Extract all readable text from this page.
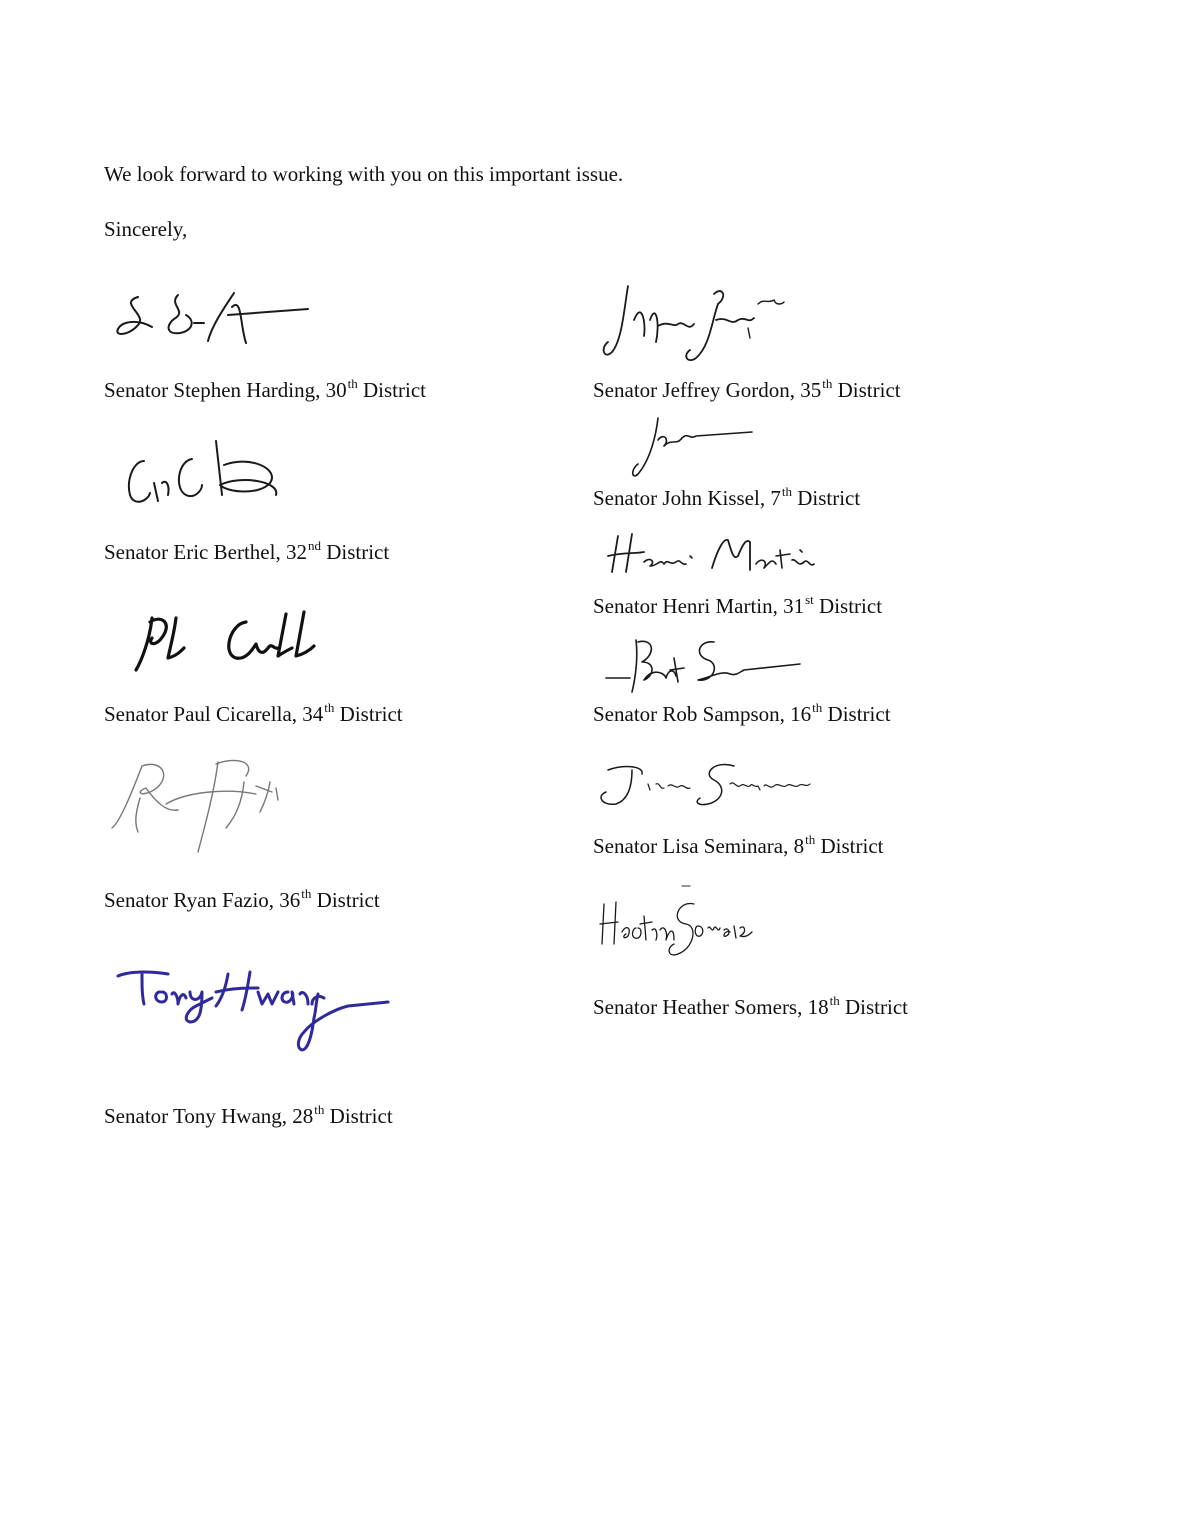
We look forward to working with you on this important issue.
Sincerely,
Senator Stephen Harding, 30th District	Senator Jeffrey Gordon, 35th District
Senator Eric Berthel, 32nd District
Senator John Kissel, 7th District
Senator Henri Martin, 31st District
Senator Paul Cicarella, 34th District	Senator Rob Sampson, 16th District
Senator Ryan Fazio, 36th District
Senator Lisa Seminara, 8th District
Senator Heather Somers, 18th District
Senator Tony Hwang, 28th District
